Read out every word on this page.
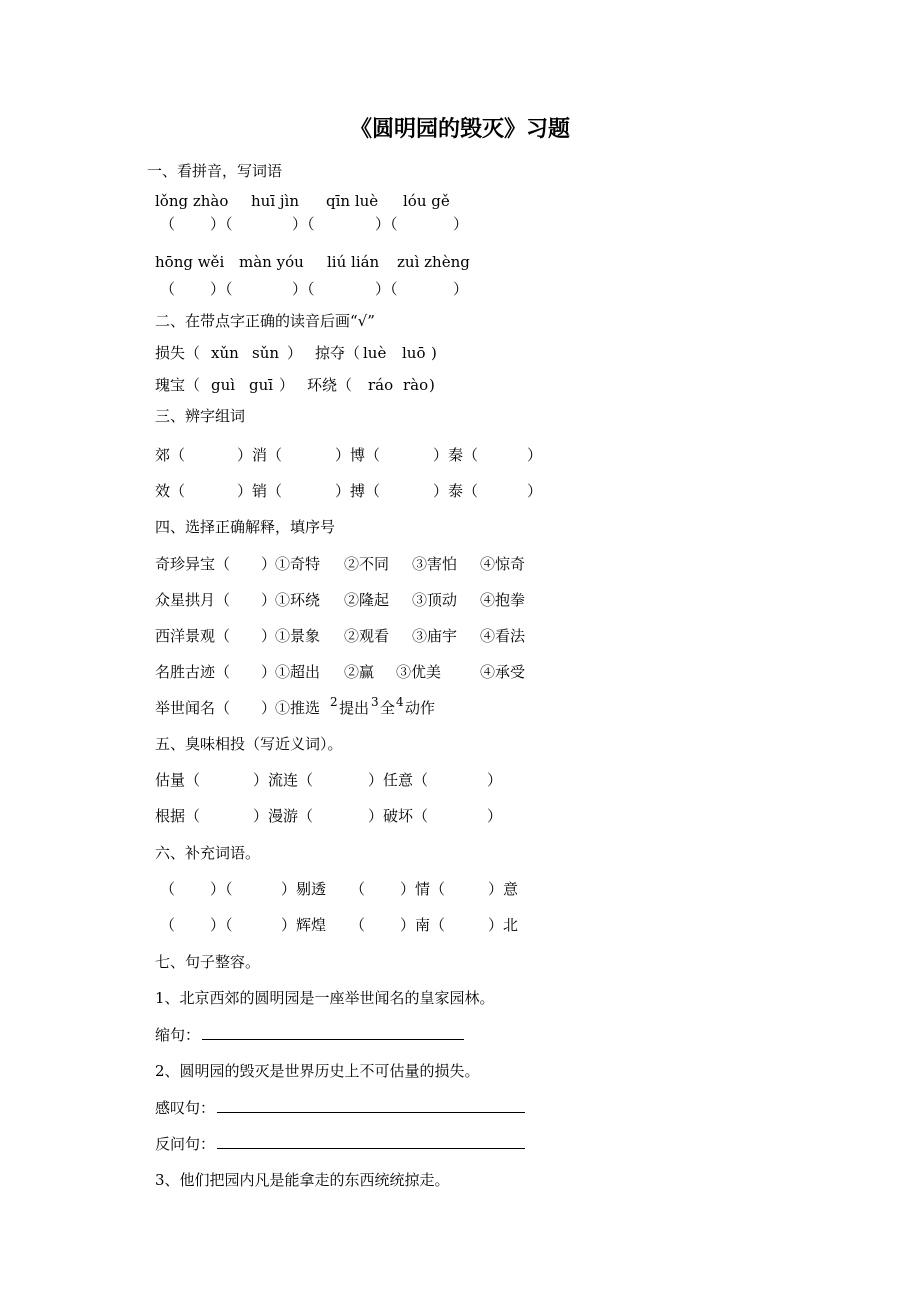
《圆明园的毁灭》习题
一、看拼音，写词语
lǒng zhào huī jìn qīn luè lóu gě
（ ）（	）（	）（	）
hōng wěi màn yóu liú lián zuì zhèng
（ ）（	）（	）（	）
二、在带点字正确的读音后画“√”
损失（ xǔn sǔn ） 掠夺（ luè luō )
瑰宝（ guì guī ） 环绕（ ráo rào )
三、辨字组词
郊（	）消（	）博（	）秦（	）
效（	）销（	）搏（	）泰（	）
四、选择正确解释，填序号
奇珍异宝（ ）
①奇特 ②不同 ③害怕 ④惊奇
众星拱月（ ）
①环绕 ②隆起 ③顶动 ④抱拳
西洋景观（ ）
①景象 ②观看 ③庙宇 ④看法
名胜古迹（ ）
①超出 ②赢 ③优美	④承受
举世闻名（ ）
①推选 2 提出 3 全 4 动作
五、臭味相投（写近义词）。
估量（	）流连（	）任意（	）
根据（	）漫游（	）破坏（	）
六、补充词语。
（ ）（	）剔透 （ ）情（	）意
（ ）（	）辉煌 （ ）南（	）北
七、句子整容。
1、北京西郊的圆明园是一座举世闻名的皇家园林。
缩句：
2、圆明园的毁灭是世界历史上不可估量的损失。
感叹句：
反问句：
3、他们把园内凡是能拿走的东西统统掠走。
